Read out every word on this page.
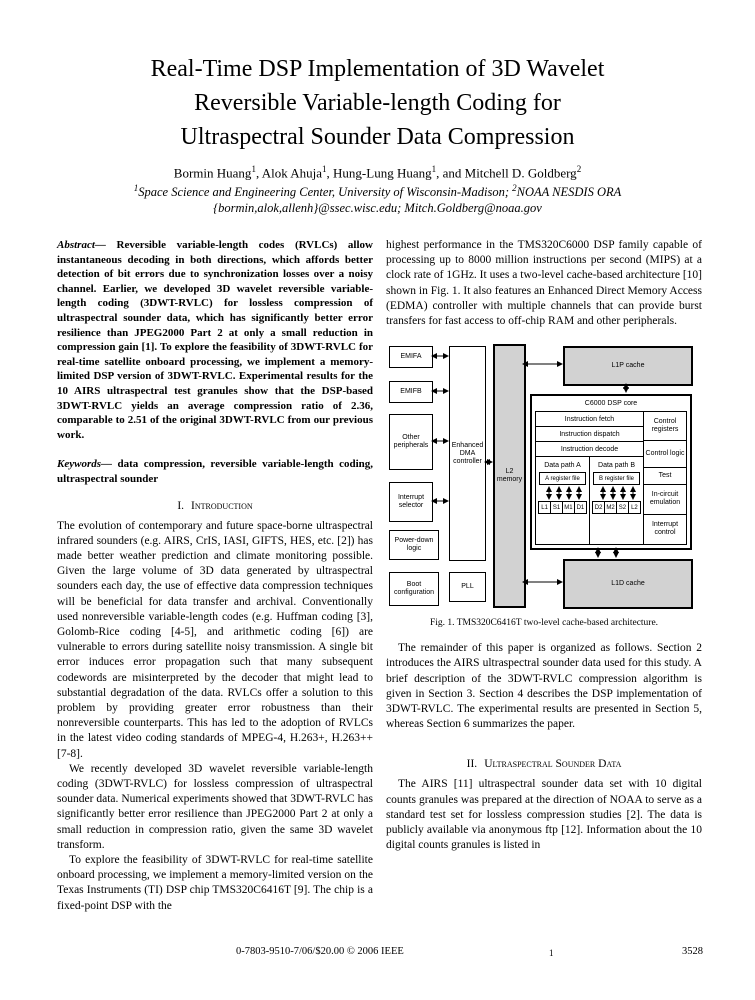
Real-Time DSP Implementation of 3D Wavelet
Reversible Variable-length Coding for
Ultraspectral Sounder Data Compression
Bormin Huang$^1$, Alok Ahuja$^1$, Hung-Lung Huang$^1$, and Mitchell D. Goldberg$^2$
$^1$Space Science and Engineering Center, University of Wisconsin-Madison; $^2$NOAA NESDIS ORA
{bormin,alok,allenh}@ssec.wisc.edu; Mitch.Goldberg@noaa.gov

Abstract— Reversible variable-length codes (RVLCs) allow instantaneous decoding in both directions, which affords better detection of bit errors due to synchronization losses over a noisy channel. Earlier, we developed 3D wavelet reversible variable-length coding (3DWT-RVLC) for lossless compression of ultraspectral sounder data, which has significantly better error resilience than JPEG2000 Part 2 at only a small reduction in compression gain [1]. To explore the feasibility of 3DWT-RVLC for real-time satellite onboard processing, we implement a memory-limited DSP version of 3DWT-RVLC. Experimental results for the 10 AIRS ultraspectral test granules show that the DSP-based 3DWT-RVLC yields an average compression ratio of 2.36, comparable to 2.51 of the original 3DWT-RVLC from our previous work.

Keywords— data compression, reversible variable-length coding, ultraspectral sounder

I. Introduction

The evolution of contemporary and future space-borne ultraspectral infrared sounders (e.g. AIRS, CrIS, IASI, GIFTS, HES, etc. [2]) has made better weather prediction and climate monitoring possible. Given the large volume of 3D data generated by ultraspectral sounders each day, the use of effective data compression techniques will be beneficial for data transfer and archival. Conventionally used nonreversible variable-length codes (e.g. Huffman coding [3], Golomb-Rice coding [4-5], and arithmetic coding [6]) are vulnerable to errors during satellite noisy transmission. A single bit error induces error propagation such that many subsequent codewords are misinterpreted by the decoder that might lead to substantial degradation of the data. RVLCs offer a solution to this problem by providing greater error robustness than their nonreversible counterparts. This has led to the adoption of RVLCs in the latest video coding standards of MPEG-4, H.263+, H.263++ [7-8].

We recently developed 3D wavelet reversible variable-length coding (3DWT-RVLC) for lossless compression of ultraspectral sounder data. Numerical experiments showed that 3DWT-RVLC has significantly better error resilience than JPEG2000 Part 2 at only a small reduction in compression ratio, given the same 3D wavelet transform.

To explore the feasibility of 3DWT-RVLC for real-time satellite onboard processing, we implement a memory-limited version on the Texas Instruments (TI) DSP chip TMS320C6416T [9]. The chip is a fixed-point DSP with the

highest performance in the TMS320C6000 DSP family capable of processing up to 8000 million instructions per second (MIPS) at a clock rate of 1GHz. It uses a two-level cache-based architecture [10] shown in Fig. 1. It also features an Enhanced Direct Memory Access (EDMA) controller with multiple channels that can provide burst transfers for fast access to off-chip RAM and other peripherals.

EMIFA
EMIFB
Other peripherals
Interrupt selector
Power-down logic
Boot configuration
Enhanced DMA controller
PLL
L2 memory
L1P cache
L1D cache
C6000 DSP core
Instruction fetch
Instruction dispatch
Instruction decode
Data path A
A register file
L1 S1 M1 D1
Data path B
B register file
D2 M2 S2 L2
Control registers
Control logic
Test
In-circuit emulation
Interrupt control
Fig. 1. TMS320C6416T two-level cache-based architecture.

The remainder of this paper is organized as follows. Section 2 introduces the AIRS ultraspectral sounder data used for this study. A brief description of the 3DWT-RVLC compression algorithm is given in Section 3. Section 4 describes the DSP implementation of 3DWT-RVLC. The experimental results are presented in Section 5, whereas Section 6 summarizes the paper.

II. Ultraspectral Sounder Data

The AIRS [11] ultraspectral sounder data set with 10 digital counts granules was prepared at the direction of NOAA to serve as a standard test set for lossless compression studies [2]. The data is publicly available via anonymous ftp [12]. Information about the 10 digital counts granules is listed in

0-7803-9510-7/06/$20.00 © 2006 IEEE	1	3528
